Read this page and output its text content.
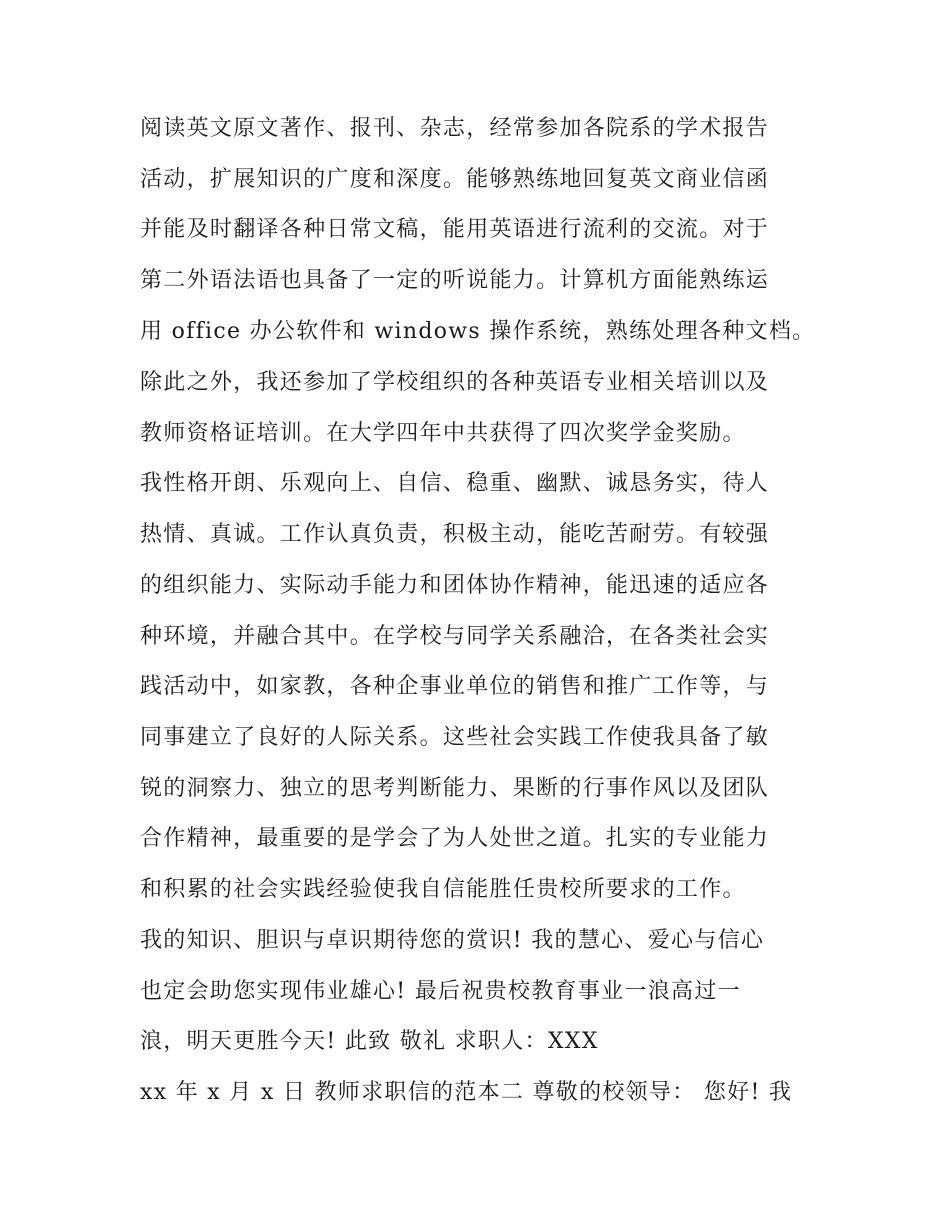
阅读英文原文著作、报刊、杂志，经常参加各院系的学术报告
活动，扩展知识的广度和深度。能够熟练地回复英文商业信函
并能及时翻译各种日常文稿，能用英语进行流利的交流。对于
第二外语法语也具备了一定的听说能力。计算机方面能熟练运
用 office 办公软件和 windows 操作系统，熟练处理各种文档。
除此之外，我还参加了学校组织的各种英语专业相关培训以及
教师资格证培训。在大学四年中共获得了四次奖学金奖励。
我性格开朗、乐观向上、自信、稳重、幽默、诚恳务实，待人
热情、真诚。工作认真负责，积极主动，能吃苦耐劳。有较强
的组织能力、实际动手能力和团体协作精神，能迅速的适应各
种环境，并融合其中。在学校与同学关系融洽，在各类社会实
践活动中，如家教，各种企事业单位的销售和推广工作等，与
同事建立了良好的人际关系。这些社会实践工作使我具备了敏
锐的洞察力、独立的思考判断能力、果断的行事作风以及团队
合作精神，最重要的是学会了为人处世之道。扎实的专业能力
和积累的社会实践经验使我自信能胜任贵校所要求的工作。
我的知识、胆识与卓识期待您的赏识! 我的慧心、爱心与信心
也定会助您实现伟业雄心! 最后祝贵校教育事业一浪高过一
浪，明天更胜今天! 此致 敬礼 求职人：XXX
xx 年 x 月 x 日 教师求职信的范本二 尊敬的校领导： 您好! 我
